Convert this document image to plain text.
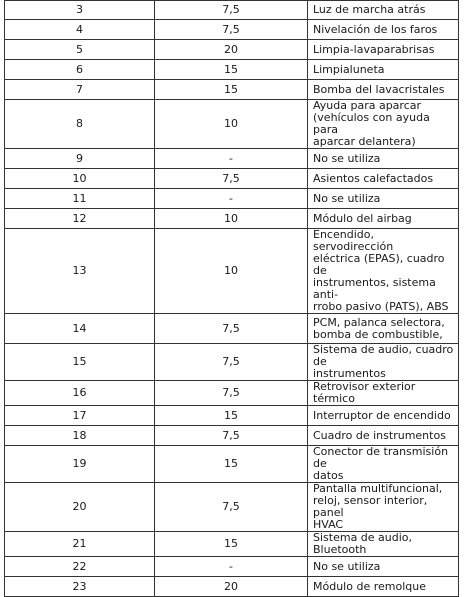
3	7,5	Luz de marcha atrás
4	7,5	Nivelación de los faros
5	20	Limpia-lavaparabrisas
6	15	Limpialuneta
7	15	Bomba del lavacristales
8	10	Ayuda para aparcar
(vehículos con ayuda para
aparcar delantera)
9	-	No se utiliza
10	7,5	Asientos calefactados
11	-	No se utiliza
12	10	Módulo del airbag
13	10	Encendido, servodirección
eléctrica (EPAS), cuadro de
instrumentos, sistema anti-
rrobo pasivo (PATS), ABS
14	7,5	PCM, palanca selectora,
bomba de combustible,
15	7,5	Sistema de audio, cuadro de
instrumentos
16	7,5	Retrovisor exterior térmico
17	15	Interruptor de encendido
18	7,5	Cuadro de instrumentos
19	15	Conector de transmisión de
datos
20	7,5	Pantalla multifuncional,
reloj, sensor interior, panel
HVAC
21	15	Sistema de audio, Bluetooth
22	-	No se utiliza
23	20	Módulo de remolque
